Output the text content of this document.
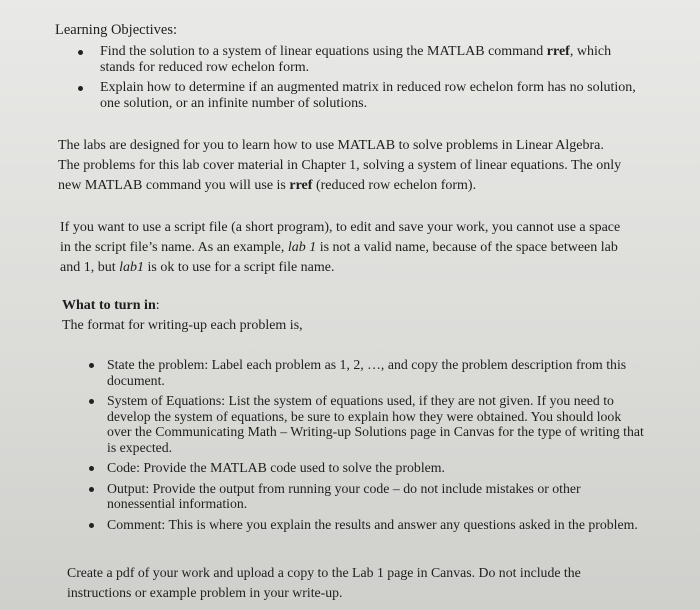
Learning Objectives:
Find the solution to a system of linear equations using the MATLAB command rref, which stands for reduced row echelon form.
Explain how to determine if an augmented matrix in reduced row echelon form has no solution, one solution, or an infinite number of solutions.

The labs are designed for you to learn how to use MATLAB to solve problems in Linear Algebra. The problems for this lab cover material in Chapter 1, solving a system of linear equations. The only new MATLAB command you will use is rref (reduced row echelon form).

If you want to use a script file (a short program), to edit and save your work, you cannot use a space in the script file’s name. As an example, lab 1 is not a valid name, because of the space between lab and 1, but lab1 is ok to use for a script file name.

What to turn in:
The format for writing-up each problem is,
State the problem: Label each problem as 1, 2, …, and copy the problem description from this document.
System of Equations: List the system of equations used, if they are not given. If you need to develop the system of equations, be sure to explain how they were obtained. You should look over the Communicating Math – Writing-up Solutions page in Canvas for the type of writing that is expected.
Code: Provide the MATLAB code used to solve the problem.
Output: Provide the output from running your code – do not include mistakes or other nonessential information.
Comment: This is where you explain the results and answer any questions asked in the problem.

Create a pdf of your work and upload a copy to the Lab 1 page in Canvas. Do not include the instructions or example problem in your write-up.
